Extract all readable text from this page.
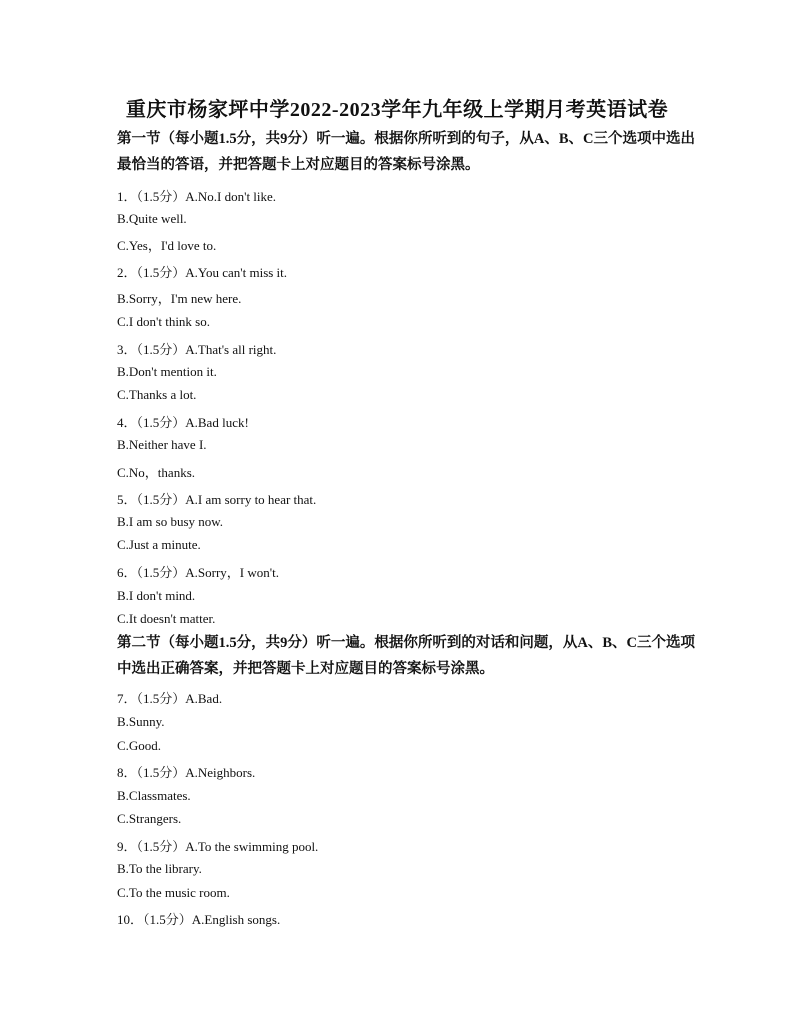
重庆市杨家坪中学2022-2023学年九年级上学期月考英语试卷
第一节（每小题1.5分，共9分）听一遍。根据你所听到的句子，从A、B、C三个选项中选出
最恰当的答语，并把答题卡上对应题目的答案标号涂黑。
1．（1.5分）A.No.I don't like.
B.Quite well.
C.Yes，I'd love to.
2．（1.5分）A.You can't miss it.
B.Sorry，I'm new here.
C.I don't think so.
3．（1.5分）A.That's all right.
B.Don't mention it.
C.Thanks a lot.
4．（1.5分）A.Bad luck!
B.Neither have I.
C.No，thanks.
5．（1.5分）A.I am sorry to hear that.
B.I am so busy now.
C.Just a minute.
6．（1.5分）A.Sorry，I won't.
B.I don't mind.
C.It doesn't matter.
第二节（每小题1.5分，共9分）听一遍。根据你所听到的对话和问题，从A、B、C三个选项
中选出正确答案，并把答题卡上对应题目的答案标号涂黑。
7．（1.5分）A.Bad.
B.Sunny.
C.Good.
8．（1.5分）A.Neighbors.
B.Classmates.
C.Strangers.
9．（1.5分）A.To the swimming pool.
B.To the library.
C.To the music room.
10．（1.5分）A.English songs.
